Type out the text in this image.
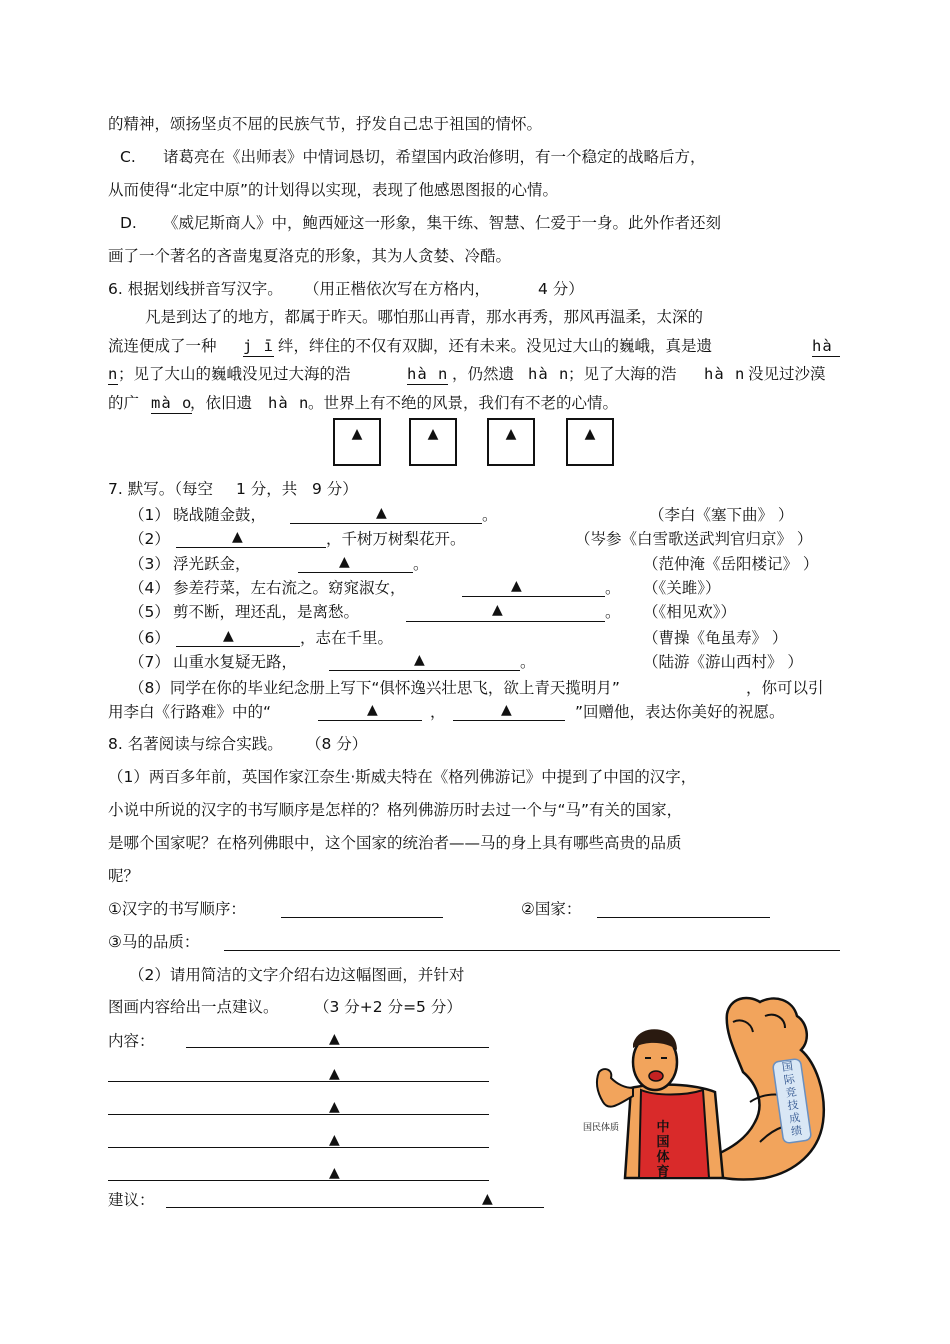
的精神，颂扬坚贞不屈的民族气节，抒发自己忠于祖国的情怀。
C. 诸葛亮在《出师表》中情词恳切，希望国内政治修明，有一个稳定的战略后方，
从而使得“北定中原”的计划得以实现，表现了他感恩图报的心情。
D. 《威尼斯商人》中，鲍西娅这一形象，集干练、智慧、仁爱于一身。此外作者还刻
画了一个著名的吝啬鬼夏洛克的形象，其为人贪婪、冷酷。
6. 根据划线拼音写汉字。 （用正楷依次写在方格内，	4 分）
凡是到达了的地方，都属于昨天。哪怕那山再青，那水再秀，那风再温柔，太深的
流连便成了一种 j ī 绊，绊住的不仅有双脚，还有未来。没见过大山的巍峨，真是遗	hà
n ；见了大山的巍峨没见过大海的浩	hà n ，仍然遗 hà n
；见了大海的浩 hà n 没见过沙漠
的广 mà o
，依旧遗 hà n
。世界上有不绝的风景，我们有不老的心情。
▲	▲	▲	▲
7. 默写。（每空 1 分，共 9 分）
（1） 晓战随金鼓，	▲	。	（李白《塞下曲》 ）
（2）	▲	，千树万树梨花开。	（岑参《白雪歌送武判官归京》 ）
（3） 浮光跃金，	▲	。	（范仲淹《岳阳楼记》 ）
（4） 参差荇菜，左右流之。窈窕淑女，	▲	。 （《关雎》）
（5） 剪不断，理还乱，是离愁。	▲	。 （《相见欢》）
（6）	▲	，志在千里。	（曹操《龟虽寿》 ）
（7） 山重水复疑无路，	▲	。	（陆游《游山西村》 ）
（8）同学在你的毕业纪念册上写下“俱怀逸兴壮思飞，欲上青天揽明月”	，你可以引
用李白《行路难》中的“	▲	，	▲	”回赠他，表达你美好的祝愿。
8. 名著阅读与综合实践。 （8 分）
（1）两百多年前，英国作家江奈生·斯威夫特在《格列佛游记》中提到了中国的汉字，
小说中所说的汉字的书写顺序是怎样的？格列佛游历时去过一个与“马”有关的国家，
是哪个国家呢？在格列佛眼中，这个国家的统治者——马的身上具有哪些高贵的品质
呢？
①汉字的书写顺序：	②国家：
③马的品质：
（2）请用简洁的文字介绍右边这幅图画，并针对
图画内容给出一点建议。 （3 分+2 分=5 分）
内容：	▲
▲
▲
▲
▲
建议：	▲
国际竞技成绩
国民体质	中国体育
